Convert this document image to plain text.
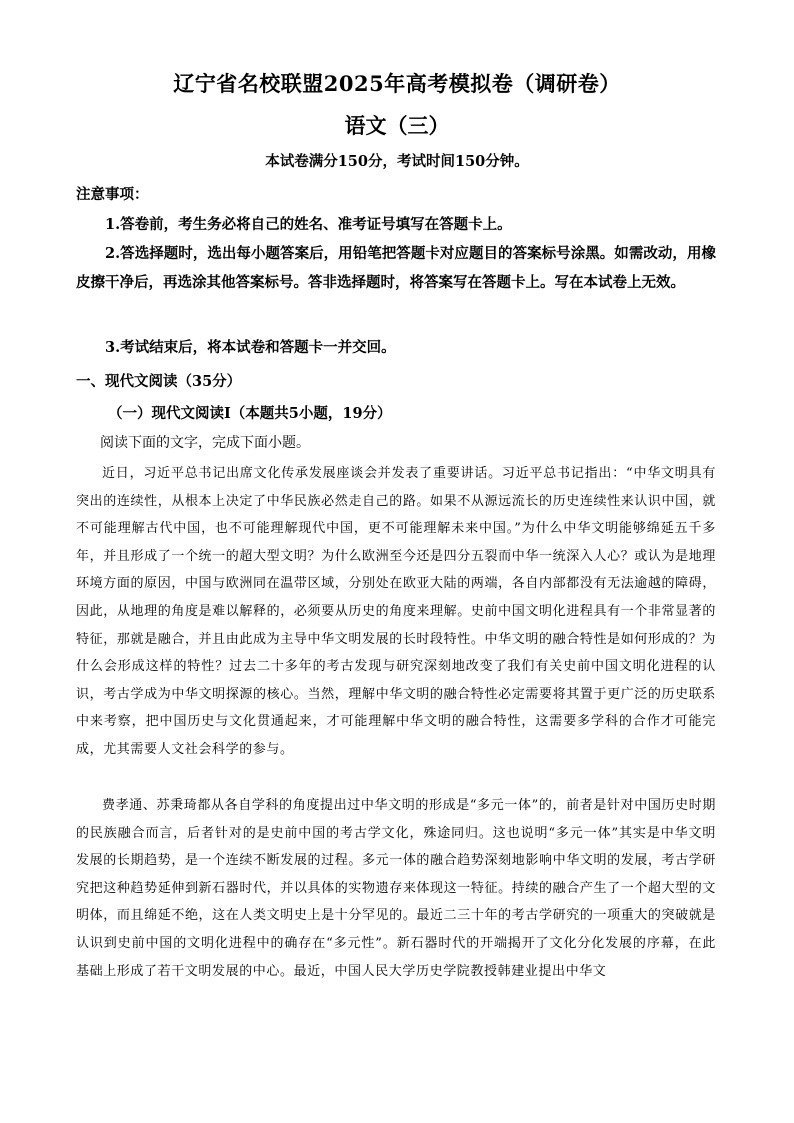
辽宁省名校联盟2025年高考模拟卷（调研卷）
语文（三）
本试卷满分150分，考试时间150分钟。
注意事项：
1.答卷前，考生务必将自己的姓名、准考证号填写在答题卡上。
2.答选择题时，选出每小题答案后，用铅笔把答题卡对应题目的答案标号涂黑。如需改动，用橡皮擦干净后，再选涂其他答案标号。答非选择题时，将答案写在答题卡上。写在本试卷上无效。
3.考试结束后，将本试卷和答题卡一并交回。
一、现代文阅读（35分）
（一）现代文阅读Ⅰ（本题共5小题，19分）
阅读下面的文字，完成下面小题。
近日，习近平总书记出席文化传承发展座谈会并发表了重要讲话。习近平总书记指出：“中华文明具有突出的连续性，从根本上决定了中华民族必然走自己的路。如果不从源远流长的历史连续性来认识中国，就不可能理解古代中国，也不可能理解现代中国，更不可能理解未来中国。”为什么中华文明能够绵延五千多年，并且形成了一个统一的超大型文明？为什么欧洲至今还是四分五裂而中华一统深入人心？或认为是地理环境方面的原因，中国与欧洲同在温带区域，分别处在欧亚大陆的两端，各自内部都没有无法逾越的障碍，因此，从地理的角度是难以解释的，必须要从历史的角度来理解。史前中国文明化进程具有一个非常显著的特征，那就是融合，并且由此成为主导中华文明发展的长时段特性。中华文明的融合特性是如何形成的？为什么会形成这样的特性？过去二十多年的考古发现与研究深刻地改变了我们有关史前中国文明化进程的认识，考古学成为中华文明探源的核心。当然，理解中华文明的融合特性必定需要将其置于更广泛的历史联系中来考察，把中国历史与文化贯通起来，才可能理解中华文明的融合特性，这需要多学科的合作才可能完成，尤其需要人文社会科学的参与。
费孝通、苏秉琦都从各自学科的角度提出过中华文明的形成是“多元一体”的，前者是针对中国历史时期的民族融合而言，后者针对的是史前中国的考古学文化，殊途同归。这也说明“多元一体”其实是中华文明发展的长期趋势，是一个连续不断发展的过程。多元一体的融合趋势深刻地影响中华文明的发展，考古学研究把这种趋势延伸到新石器时代，并以具体的实物遗存来体现这一特征。持续的融合产生了一个超大型的文明体，而且绵延不绝，这在人类文明史上是十分罕见的。最近二三十年的考古学研究的一项重大的突破就是认识到史前中国的文明化进程中的确存在“多元性”。新石器时代的开端揭开了文化分化发展的序幕，在此基础上形成了若干文明发展的中心。最近，中国人民大学历史学院教授韩建业提出中华文
